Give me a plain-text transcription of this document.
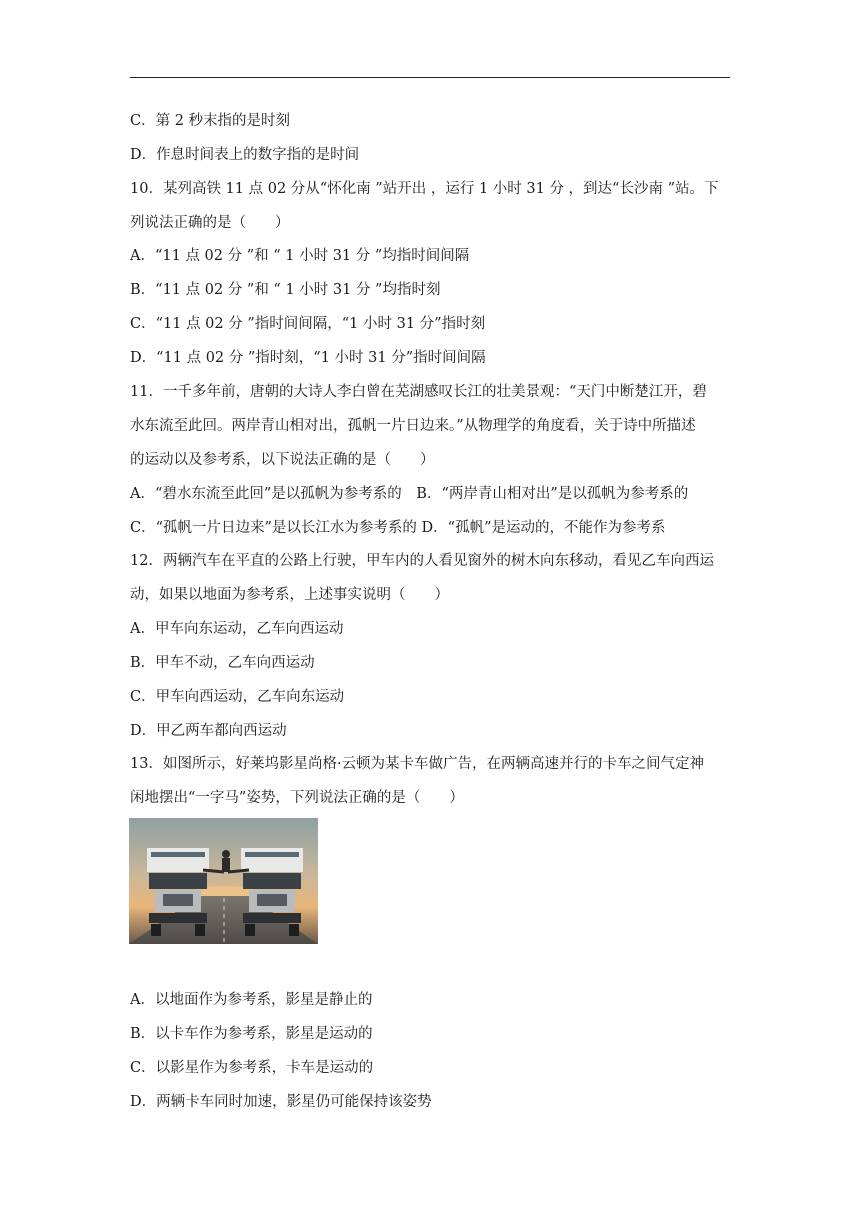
C．第 2 秒末指的是时刻
D．作息时间表上的数字指的是时间
10．某列高铁 11 点 02 分从“怀化南 ”站开出 ，运行 1 小时 31 分 ，到达“长沙南 ”站。下
列说法正确的是（　　）
A．“11 点 02 分 ”和 “ 1 小时 31 分 ”均指时间间隔
B．“11 点 02 分 ”和 “ 1 小时 31 分 ”均指时刻
C．“11 点 02 分 ”指时间间隔，“1 小时 31 分”指时刻
D．“11 点 02 分 ”指时刻，“1 小时 31 分”指时间间隔
11．一千多年前，唐朝的大诗人李白曾在芜湖感叹长江的壮美景观：“天门中断楚江开，碧
水东流至此回。两岸青山相对出，孤帆一片日边来。”从物理学的角度看，关于诗中所描述
的运动以及参考系，以下说法正确的是（　　）
A．“碧水东流至此回”是以孤帆为参考系的　B．“两岸青山相对出”是以孤帆为参考系的
C．“孤帆一片日边来”是以长江水为参考系的 D．“孤帆”是运动的，不能作为参考系
12．两辆汽车在平直的公路上行驶，甲车内的人看见窗外的树木向东移动，看见乙车向西运
动，如果以地面为参考系，上述事实说明（　　）
A．甲车向东运动，乙车向西运动
B．甲车不动，乙车向西运动
C．甲车向西运动，乙车向东运动
D．甲乙两车都向西运动
13．如图所示，好莱坞影星尚格·云顿为某卡车做广告，在两辆高速并行的卡车之间气定神
闲地摆出“一字马”姿势，下列说法正确的是（　　）
A．以地面作为参考系，影星是静止的
B．以卡车作为参考系，影星是运动的
C．以影星作为参考系，卡车是运动的
D．两辆卡车同时加速，影星仍可能保持该姿势
